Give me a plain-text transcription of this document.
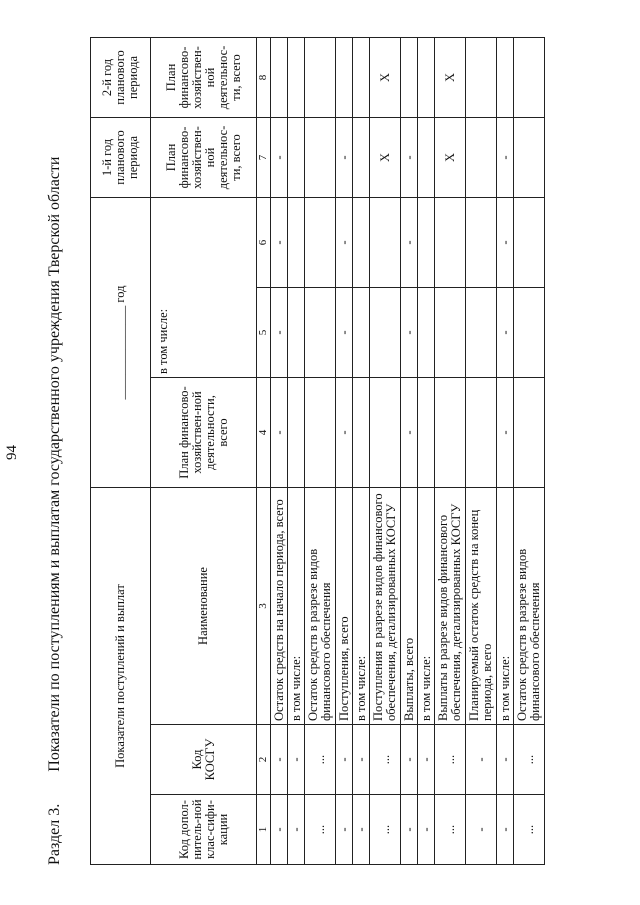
94
Раздел 3. Показатели по поступлениям и выплатам государственного учреждения Тверской области	Показатели поступлений и выплат			_______________ год			1-й год планового периода	2-й год планового периода
Код допол-нитель-ной клас-сифи-кации	Код КОСГУ	Наименование	План финансово-хозяйствен-ной деятельности, всего	в том числе:		План финансово-хозяйствен-ной деятельнос-ти, всего	План финансово-хозяйствен-ной деятельнос-ти, всего
1	2	3	4	5	6	7	8
-	-	Остаток средств на начало периода, всего	-	-	-	-	
-	-	в том числе:					
...	...	Остаток средств в разрезе видов финансового обеспечения					
-	-	Поступления, всего	-	-	-	-	
-	-	в том числе:					
...	...	Поступления в разрезе видов финансового обеспечения, детализированных КОСГУ				X	X
-	-	Выплаты, всего	-	-	-	-	
-	-	в том числе:					
...	...	Выплаты в разрезе видов финансового обеспечения, детализированных КОСГУ				X	X
-	-	Планируемый остаток средств на конец периода, всего					
-	-	в том числе:	-	-	-	-	
...	...	Остаток средств в разрезе видов финансового обеспечения					
